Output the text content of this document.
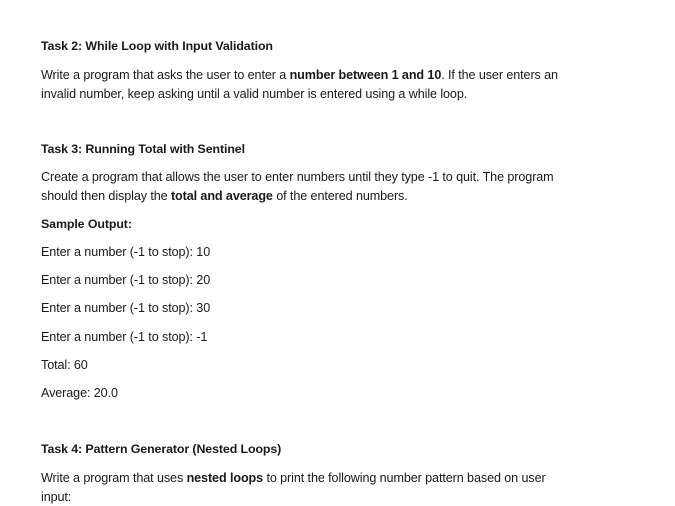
Task 2: While Loop with Input Validation
Write a program that asks the user to enter a number between 1 and 10. If the user enters an
invalid number, keep asking until a valid number is entered using a while loop.
Task 3: Running Total with Sentinel
Create a program that allows the user to enter numbers until they type -1 to quit. The program
should then display the total and average of the entered numbers.
Sample Output:
Enter a number (-1 to stop): 10
Enter a number (-1 to stop): 20
Enter a number (-1 to stop): 30
Enter a number (-1 to stop): -1
Total: 60
Average: 20.0
Task 4: Pattern Generator (Nested Loops)
Write a program that uses nested loops to print the following number pattern based on user
input:
